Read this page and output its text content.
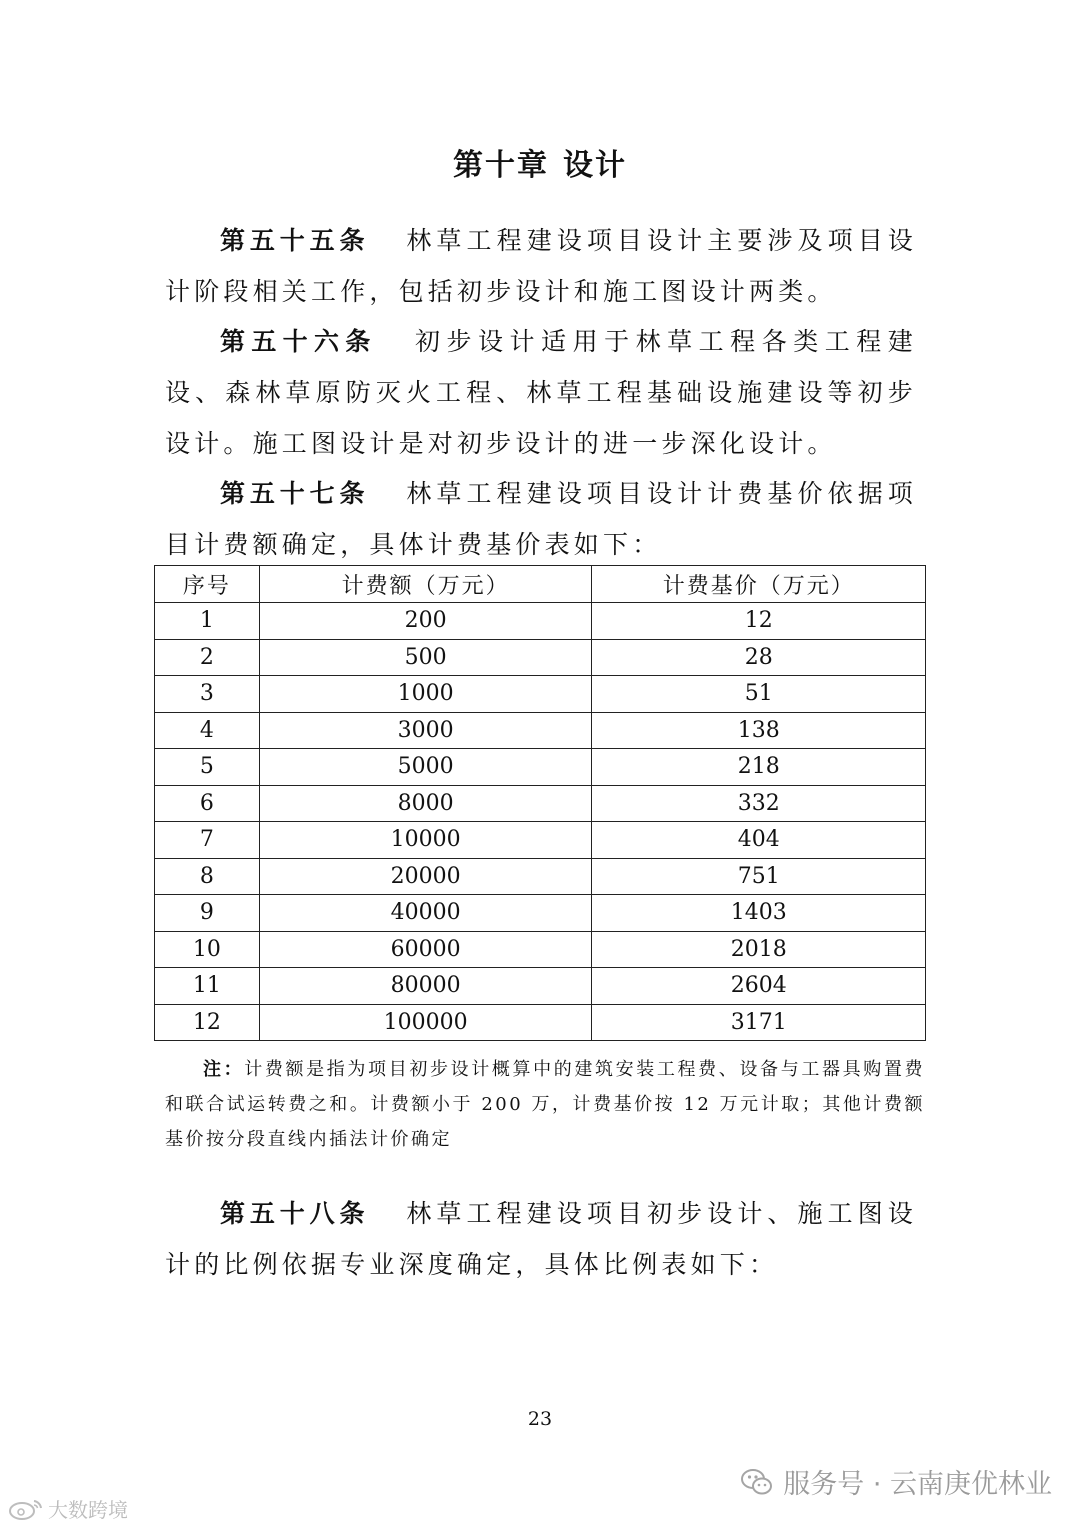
第十章 设计

第五十五条 林草工程建设项目设计主要涉及项目设计阶段相关工作，包括初步设计和施工图设计两类。

第五十六条 初步设计适用于林草工程各类工程建设、森林草原防灭火工程、林草工程基础设施建设等初步设计。施工图设计是对初步设计的进一步深化设计。

第五十七条 林草工程建设项目设计计费基价依据项目计费额确定，具体计费基价表如下：

序号	计费额（万元）	计费基价（万元）
1	200	12
2	500	28
3	1000	51
4	3000	138
5	5000	218
6	8000	332
7	10000	404
8	20000	751
9	40000	1403
10	60000	2018
11	80000	2604
12	100000	3171

注：计费额是指为项目初步设计概算中的建筑安装工程费、设备与工器具购置费和联合试运转费之和。计费额小于 200 万，计费基价按 12 万元计取；其他计费额基价按分段直线内插法计价确定

第五十八条 林草工程建设项目初步设计、施工图设计的比例依据专业深度确定，具体比例表如下：

23
服务号 · 云南庚优林业
大数跨境
